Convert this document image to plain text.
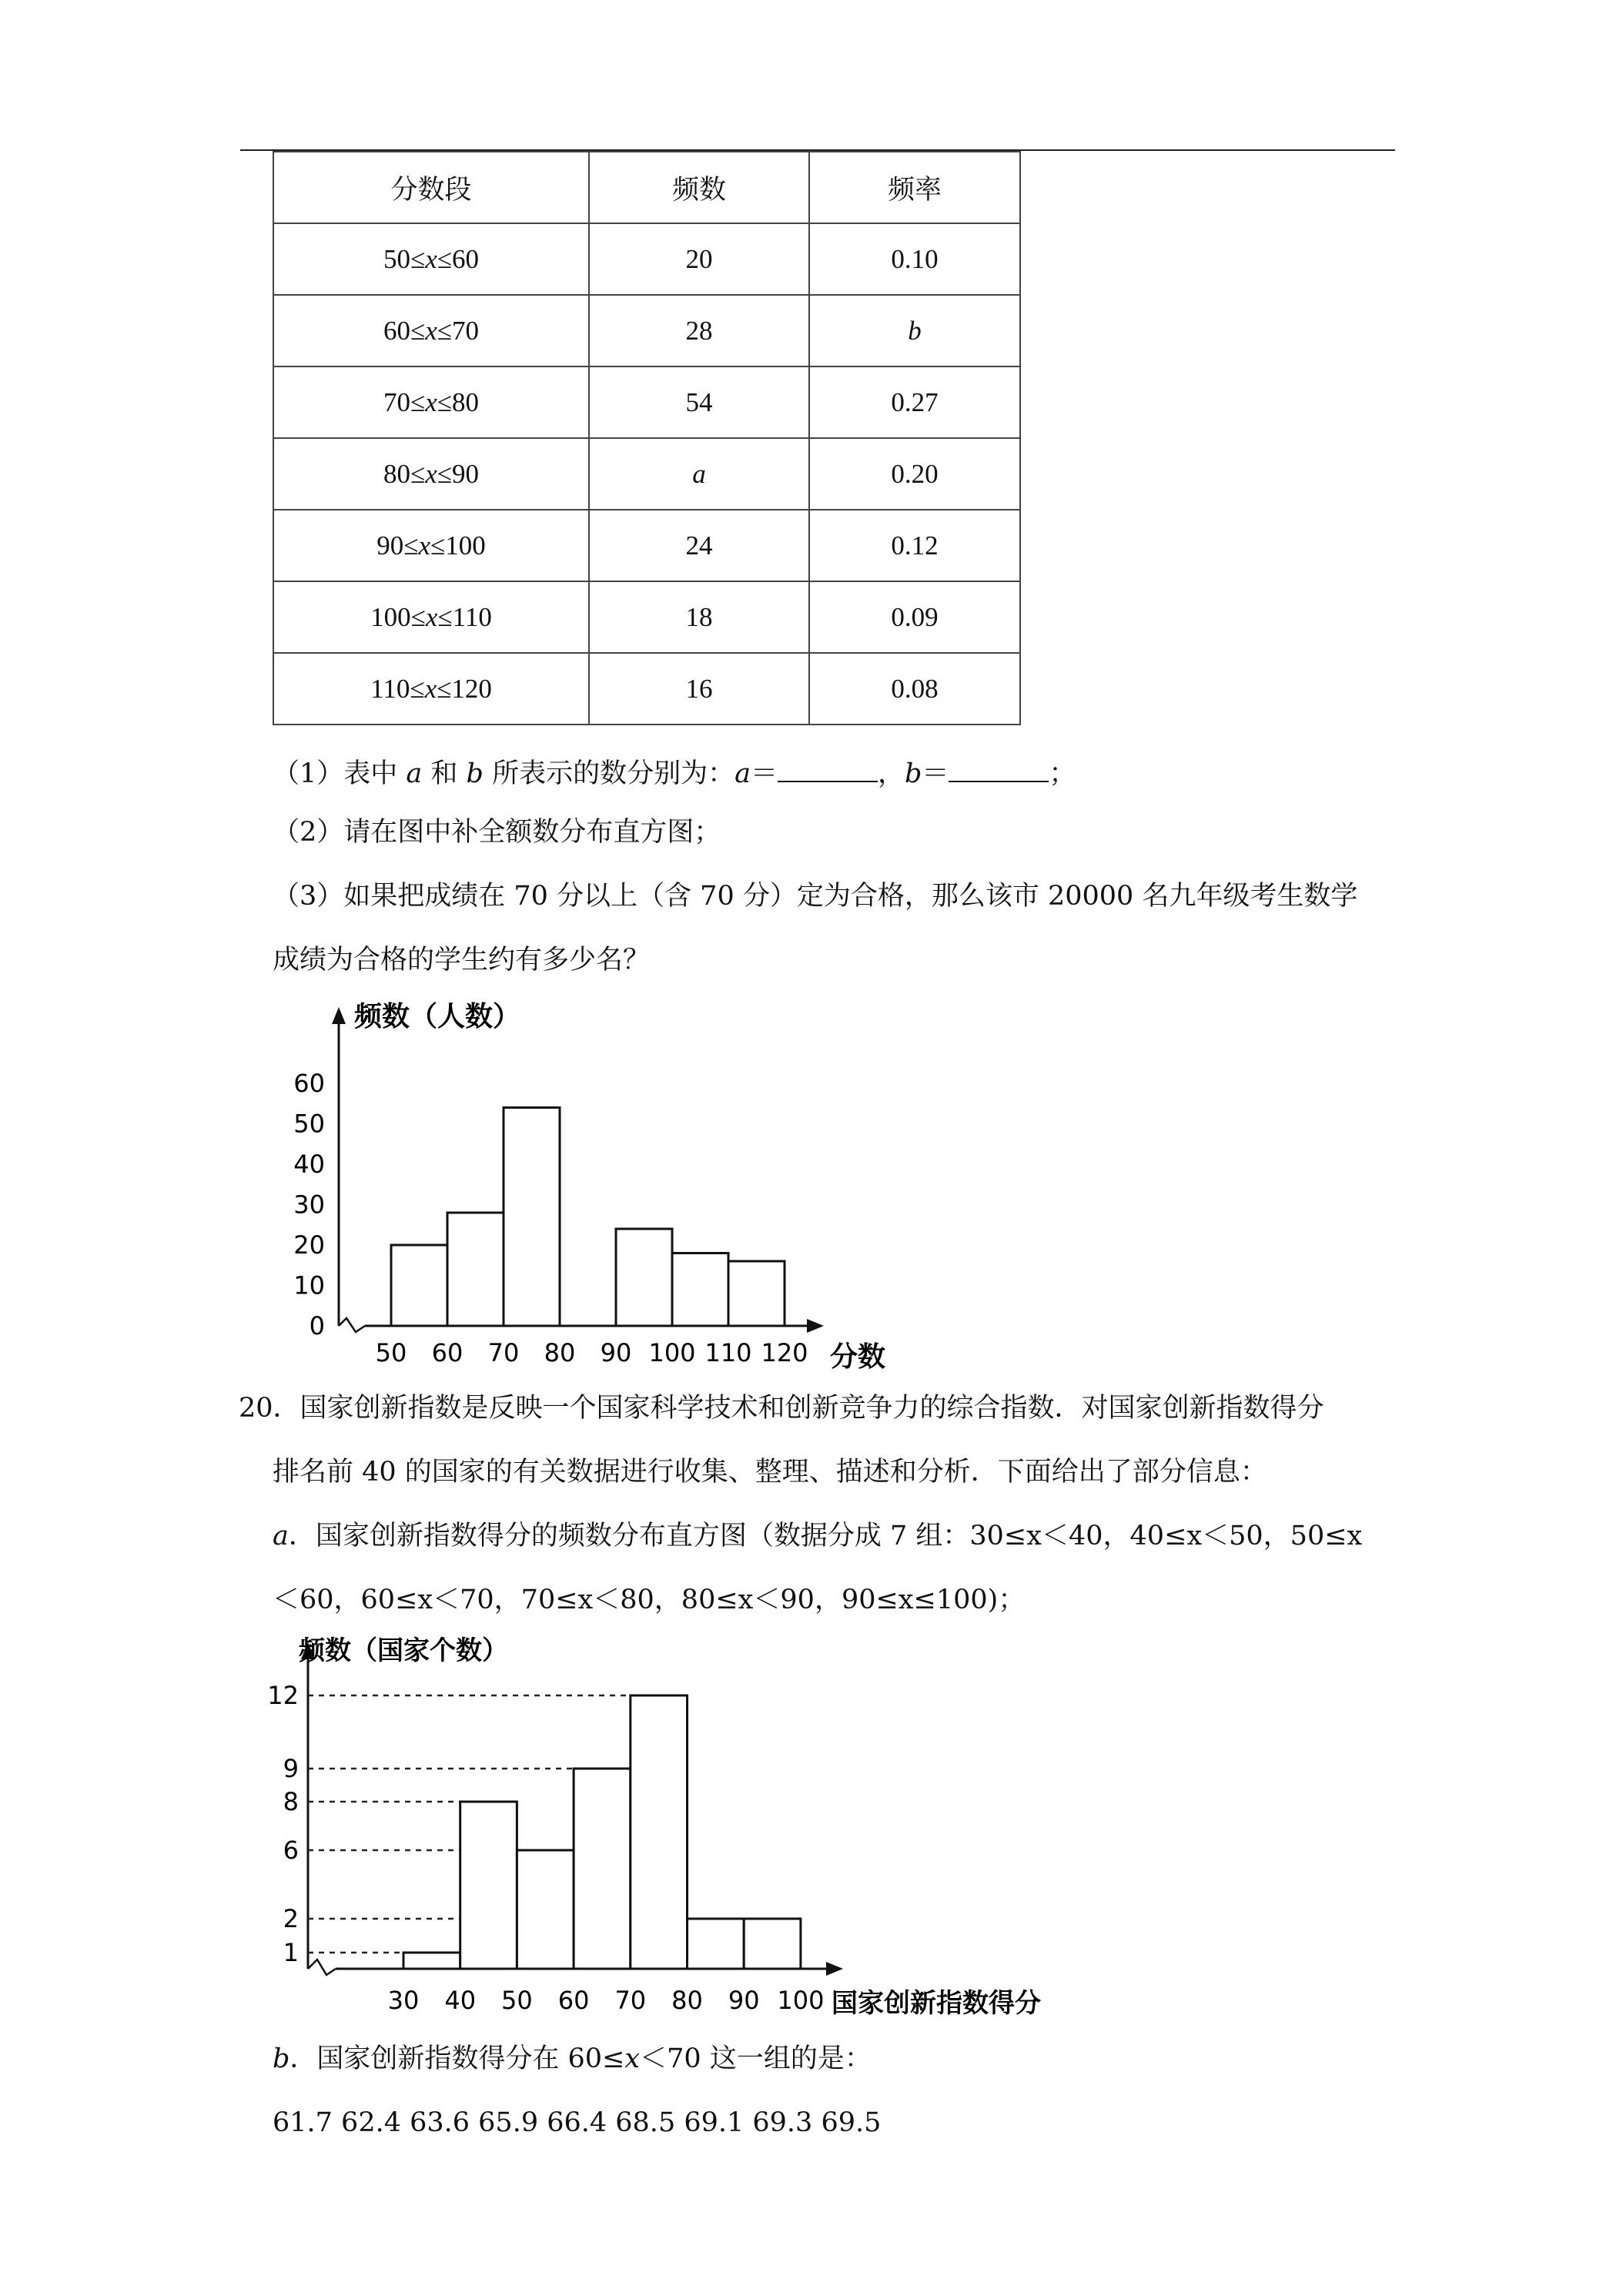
分数段	频数	频率
50≤x≤60	20	0.10
60≤x≤70	28	b
70≤x≤80	54	0.27
80≤x≤90	a	0.20
90≤x≤100	24	0.12
100≤x≤110	18	0.09
110≤x≤120	16	0.08
（1）表中 a 和 b 所表示的数分别为：a＝	，b＝	；
（2）请在图中补全额数分布直方图；
（3）如果把成绩在 70 分以上（含 70 分）定为合格，那么该市 20000 名九年级考生数学
成绩为合格的学生约有多少名？
0
10
20
30
40
50
60
50 60 70 80 90 100 110 120
频数（人数）
分数
20．国家创新指数是反映一个国家科学技术和创新竞争力的综合指数．对国家创新指数得分
排名前 40 的国家的有关数据进行收集、整理、描述和分析．下面给出了部分信息：
a．国家创新指数得分的频数分布直方图（数据分成 7 组：30≤x＜40，40≤x＜50，50≤x
＜60，60≤x＜70，70≤x＜80，80≤x＜90，90≤x≤100)；
1
2
6
8
9
12
30 40 50 60 70 80 90 100
频数（国家个数）
国家创新指数得分
b．国家创新指数得分在 60≤x＜70 这一组的是：
61.7 62.4 63.6 65.9 66.4 68.5 69.1 69.3 69.5
